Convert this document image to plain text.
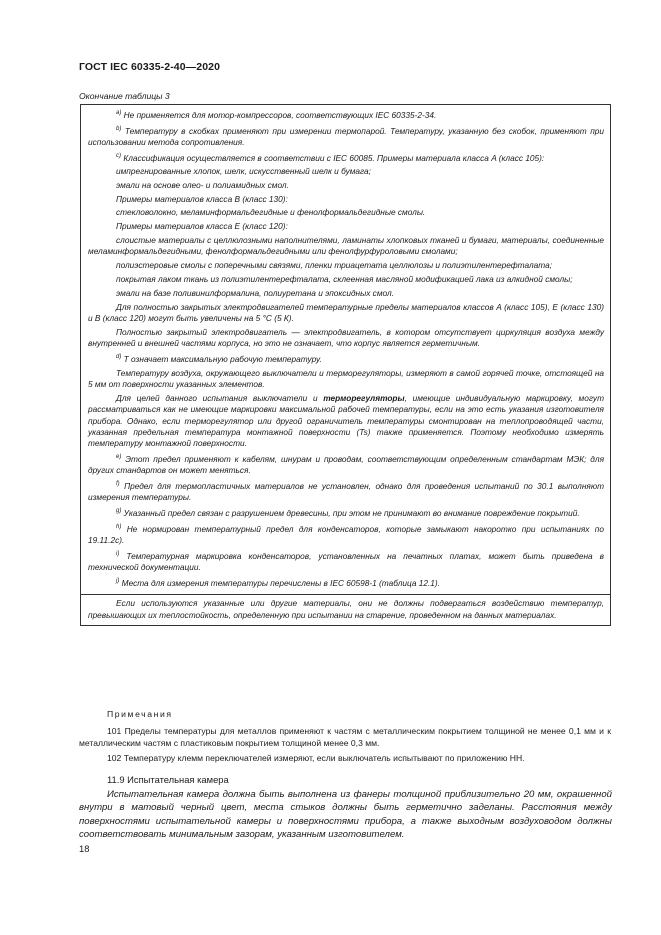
ГОСТ IEC 60335-2-40—2020
Окончание таблицы 3

$^{a)}$ Не применяется для мотор-компрессоров, соответствующих IEC 60335-2-34.

$^{b)}$ Температуру в скобках применяют при измерении термопарой. Температуру, указанную без скобок, применяют при использовании метода сопротивления.

$^{c)}$ Классификация осуществляется в соответствии с IEC 60085. Примеры материала класса A (класс 105):

импрегнированные хлопок, шелк, искусственный шелк и бумага;

эмали на основе олео- и полиамидных смол.

Примеры материалов класса B (класс 130):

стекловолокно, меламинформальдегидные и фенолформальдегидные смолы.

Примеры материалов класса E (класс 120):

слоистые материалы с целлюлозными наполнителями, ламинаты хлопковых тканей и бумаги, материалы, соединенные меламинформальдегидными, фенолформальдегидными или фенолфурфуроловыми смолами;

полиэстеровые смолы с поперечными связями, пленки триацетата целлюлозы и полиэтилентерефталата;

покрытая лаком ткань из полиэтилентерефталата, склеенная масляной модификацией лака из алкидной смолы;

эмали на базе поливинилформалина, полиуретана и эпоксидных смол.

Для полностью закрытых электродвигателей температурные пределы материалов классов A (класс 105), E (класс 130) и B (класс 120) могут быть увеличены на 5 °С (5 К).

Полностью закрытый электродвигатель — электродвигатель, в котором отсутствует циркуляция воздуха между внутренней и внешней частями корпуса, но это не означает, что корпус является герметичным.

$^{d)}$ T означает максимальную рабочую температуру.

Температуру воздуха, окружающего выключатели и терморегуляторы, измеряют в самой горячей точке, отстоящей на 5 мм от поверхности указанных элементов.

Для целей данного испытания выключатели и терморегуляторы, имеющие индивидуальную маркировку, могут рассматриваться как не имеющие маркировки максимальной рабочей температуры, если на это есть указания изготовителя прибора. Однако, если терморегулятор или другой ограничитель температуры смонтирован на теплопроводящей части, указанная предельная температура монтажной поверхности (Ts) также применяется. Поэтому необходимо измерять температуру монтажной поверхности.

$^{e)}$ Этот предел применяют к кабелям, шнурам и проводам, соответствующим определенным стандартам МЭК; для других стандартов он может меняться.

$^{f)}$ Предел для термопластичных материалов не установлен, однако для проведения испытаний по 30.1 выполняют измерения температуры.

$^{g)}$ Указанный предел связан с разрушением древесины, при этом не принимают во внимание повреждение покрытий.

$^{h)}$ Не нормирован температурный предел для конденсаторов, которые замыкают накоротко при испытаниях по 19.11.2с).

$^{i)}$ Температурная маркировка конденсаторов, установленных на печатных платах, может быть приведена в технической документации.

$^{j)}$ Места для измерения температуры перечислены в IEC 60598-1 (таблица 12.1).

Если используются указанные или другие материалы, они не должны подвергаться воздействию температур, превышающих их теплостойкость, определенную при испытании на старение, проведенном на данных материалах.

Примечания

101 Пределы температуры для металлов применяют к частям с металлическим покрытием толщиной не менее 0,1 мм и к металлическим частям с пластиковым покрытием толщиной менее 0,3 мм.

102 Температуру клемм переключателей измеряют, если выключатель испытывают по приложению НН.

11.9 Испытательная камера

Испытательная камера должна быть выполнена из фанеры толщиной приблизительно 20 мм, окрашенной внутри в матовый черный цвет, места стыков должны быть герметично заделаны. Расстояния между поверхностями испытательной камеры и поверхностями прибора, а также выходным воздуховодом должны соответствовать минимальным зазорам, указанным изготовителем.

18
